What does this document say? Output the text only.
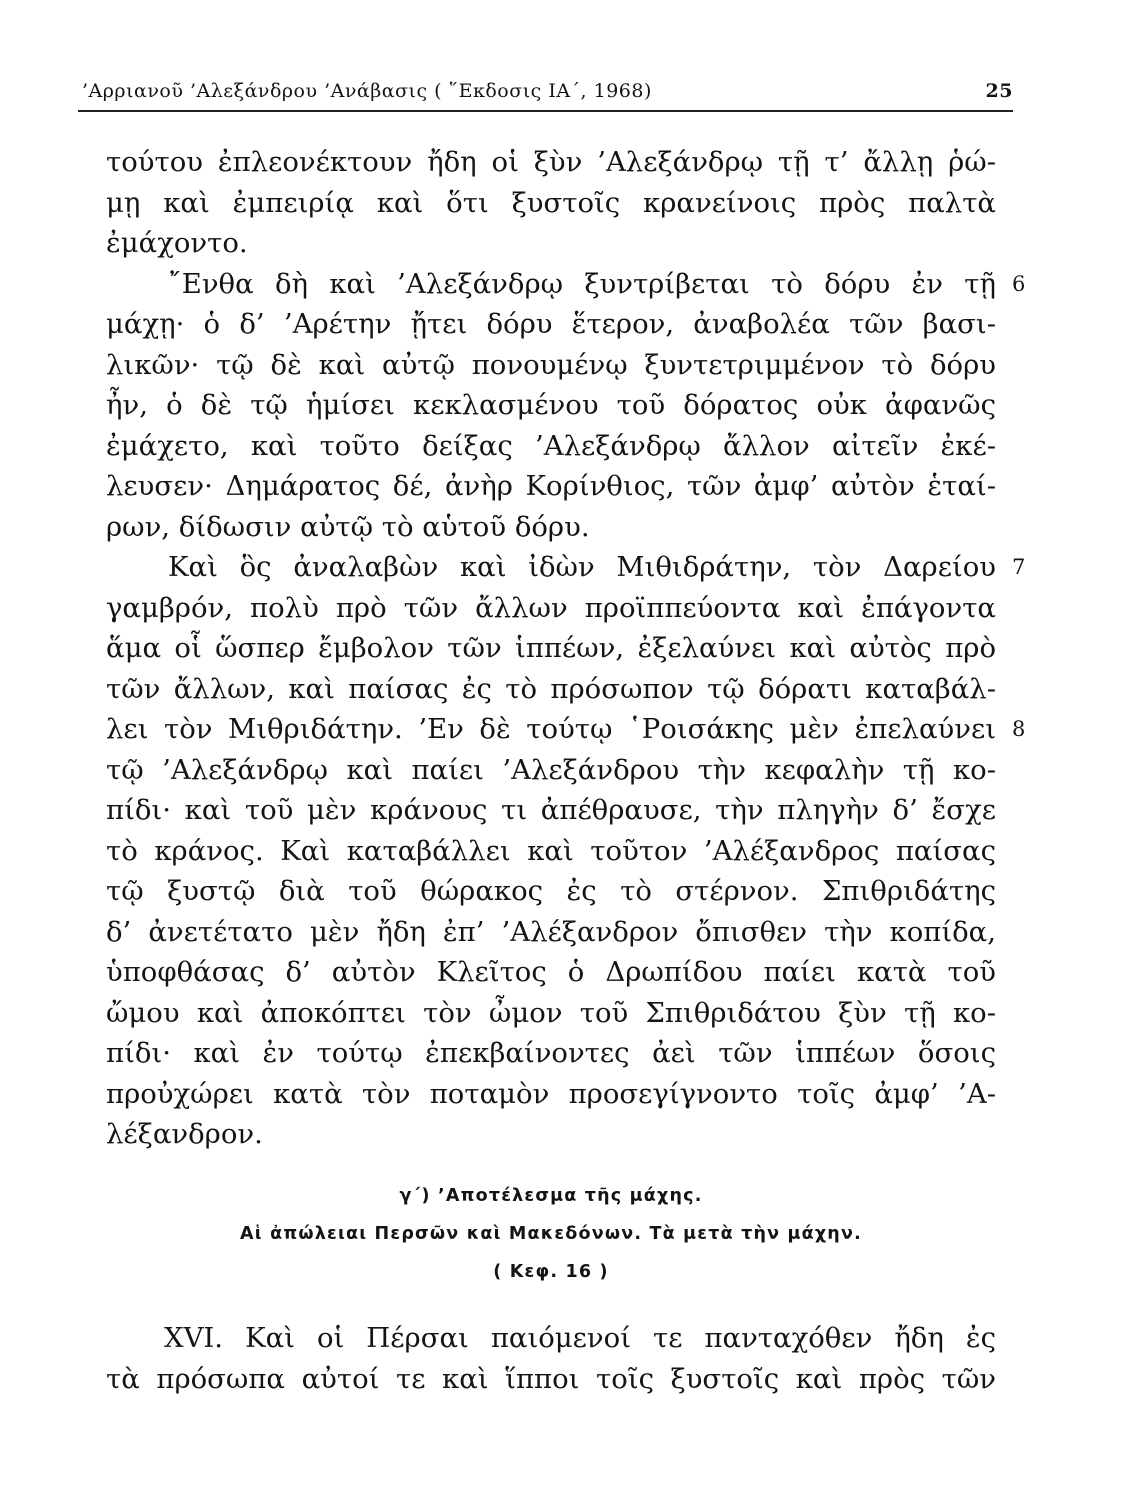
’Αρριανοῦ ’Αλεξάνδρου ’Ανάβασις ( ῞Εκδοσις ΙΑ΄, 1968)	25
τούτου ἐπλεονέκτουν ἤδη οἱ ξὺν ’Αλεξάνδρῳ τῇ τ’ ἄλλῃ ῥώ-
μῃ καὶ ἐμπειρίᾳ καὶ ὅτι ξυστοῖς κρανείνοις πρὸς παλτὰ
ἐμάχοντο.
῎Ενθα δὴ καὶ ’Αλεξάνδρῳ ξυντρίβεται τὸ δόρυ ἐν τῇ 6
μάχῃ· ὁ δ’ ’Αρέτην ᾔτει δόρυ ἕτερον, ἀναβολέα τῶν βασι-
λικῶν· τῷ δὲ καὶ αὐτῷ πονουμένῳ ξυντετριμμένον τὸ δόρυ
ἦν, ὁ δὲ τῷ ἡμίσει κεκλασμένου τοῦ δόρατος οὐκ ἀφανῶς
ἐμάχετο, καὶ τοῦτο δείξας ’Αλεξάνδρῳ ἄλλον αἰτεῖν ἐκέ-
λευσεν· Δημάρατος δέ, ἀνὴρ Κορίνθιος, τῶν ἀμφ’ αὐτὸν ἑταί-
ρων, δίδωσιν αὐτῷ τὸ αὑτοῦ δόρυ.
Καὶ ὃς ἀναλαβὼν καὶ ἰδὼν Μιθιδράτην, τὸν Δαρείου 7
γαμβρόν, πολὺ πρὸ τῶν ἄλλων προϊππεύοντα καὶ ἐπάγοντα
ἅμα οἷ ὥσπερ ἔμβολον τῶν ἱππέων, ἐξελαύνει καὶ αὐτὸς πρὸ
τῶν ἄλλων, καὶ παίσας ἐς τὸ πρόσωπον τῷ δόρατι καταβάλ-
λει τὸν Μιθριδάτην. ’Εν δὲ τούτῳ ῾Ροισάκης μὲν ἐπελαύνει 8
τῷ ’Αλεξάνδρῳ καὶ παίει ’Αλεξάνδρου τὴν κεφαλὴν τῇ κο-
πίδι· καὶ τοῦ μὲν κράνους τι ἀπέθραυσε, τὴν πληγὴν δ’ ἔσχε
τὸ κράνος. Καὶ καταβάλλει καὶ τοῦτον ’Αλέξανδρος παίσας
τῷ ξυστῷ διὰ τοῦ θώρακος ἐς τὸ στέρνον. Σπιθριδάτης
δ’ ἀνετέτατο μὲν ἤδη ἐπ’ ’Αλέξανδρον ὄπισθεν τὴν κοπίδα,
ὑποφθάσας δ’ αὐτὸν Κλεῖτος ὁ Δρωπίδου παίει κατὰ τοῦ
ὤμου καὶ ἀποκόπτει τὸν ὦμον τοῦ Σπιθριδάτου ξὺν τῇ κο-
πίδι· καὶ ἐν τούτῳ ἐπεκβαίνοντες ἀεὶ τῶν ἱππέων ὅσοις
προὐχώρει κατὰ τὸν ποταμὸν προσεγίγνοντο τοῖς ἀμφ’ ’Α-
λέξανδρον.
γ΄) ’Αποτέλεσμα τῆς μάχης.
Αἱ ἀπώλειαι Περσῶν καὶ Μακεδόνων. Τὰ μετὰ τὴν μάχην.
( Κεφ. 16 )
XVI. Καὶ οἱ Πέρσαι παιόμενοί τε πανταχόθεν ἤδη ἐς
τὰ πρόσωπα αὐτοί τε καὶ ἵπποι τοῖς ξυστοῖς καὶ πρὸς τῶν
